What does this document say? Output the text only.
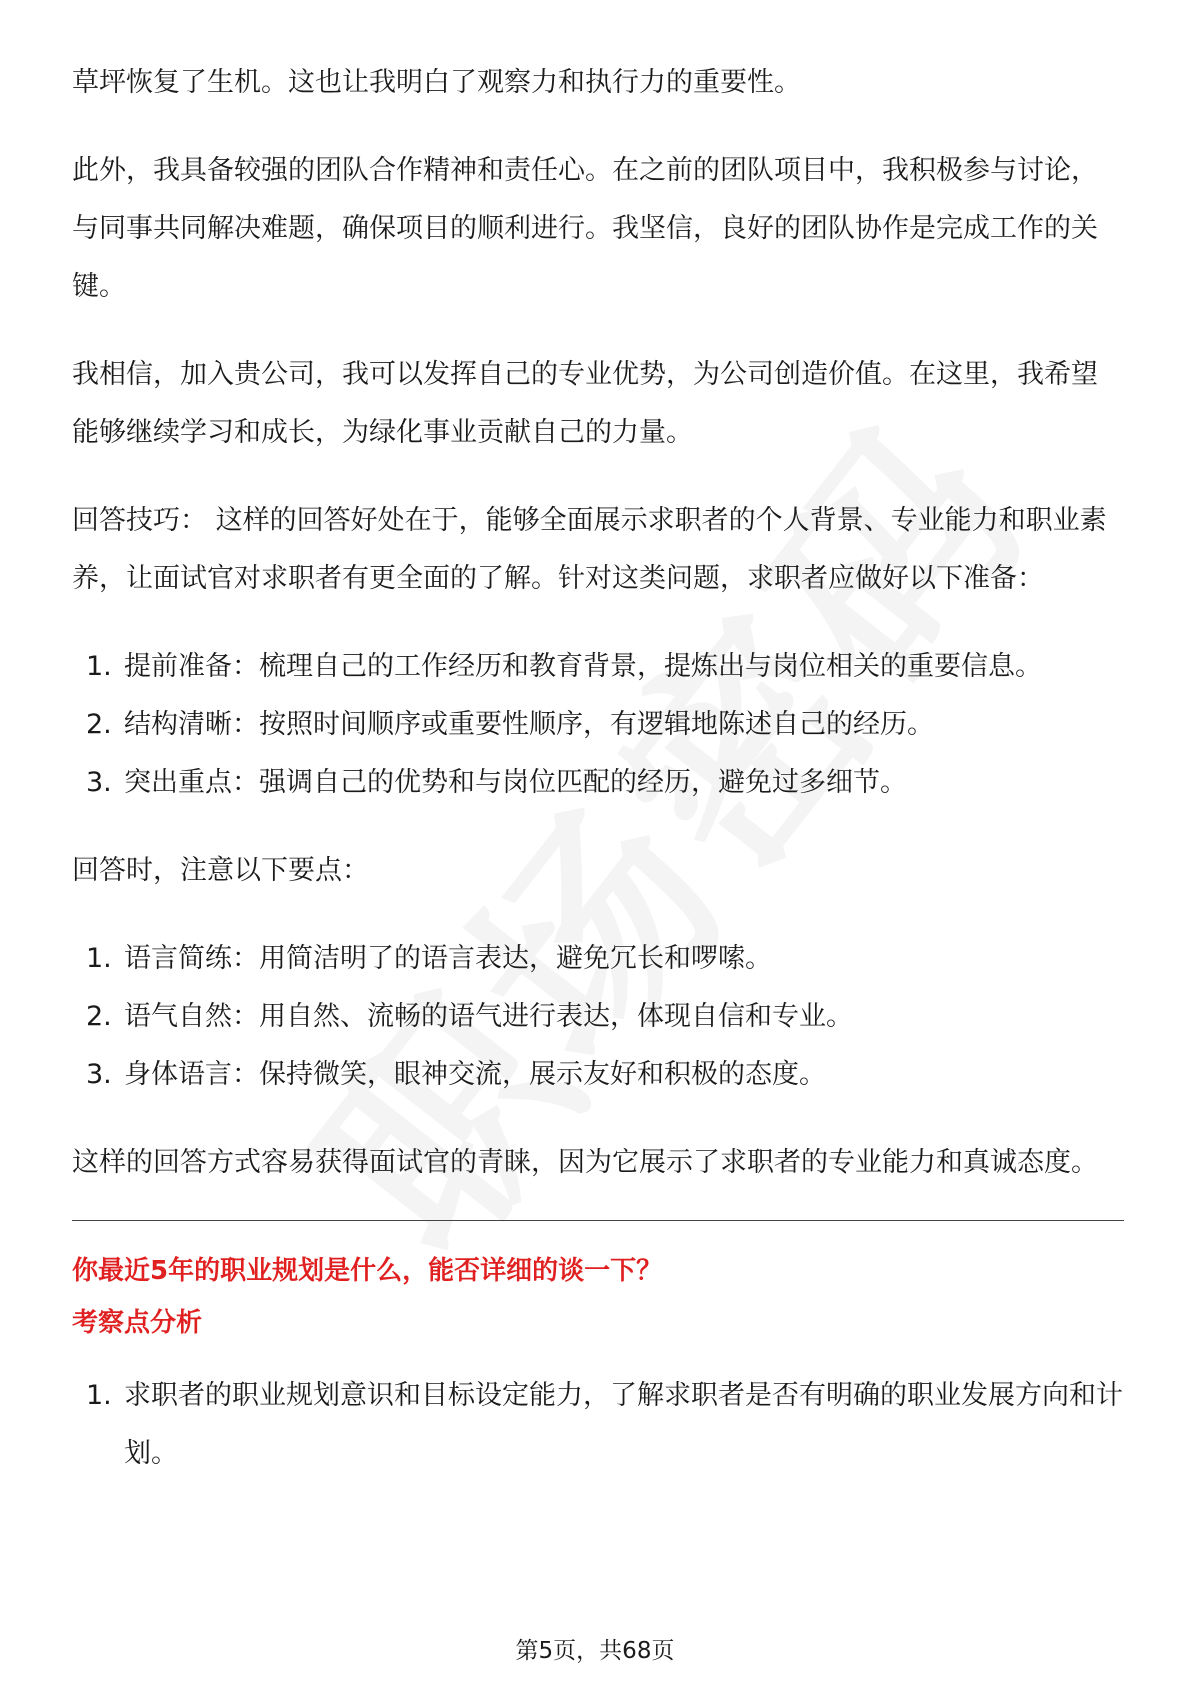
草坪恢复了生机。这也让我明白了观察力和执行力的重要性。

此外，我具备较强的团队合作精神和责任心。在之前的团队项目中，我积极参与讨论，与同事共同解决难题，确保项目的顺利进行。我坚信，良好的团队协作是完成工作的关键。

我相信，加入贵公司，我可以发挥自己的专业优势，为公司创造价值。在这里，我希望能够继续学习和成长，为绿化事业贡献自己的力量。

回答技巧： 这样的回答好处在于，能够全面展示求职者的个人背景、专业能力和职业素养，让面试官对求职者有更全面的了解。针对这类问题，求职者应做好以下准备：

1. 提前准备：梳理自己的工作经历和教育背景，提炼出与岗位相关的重要信息。
2. 结构清晰：按照时间顺序或重要性顺序，有逻辑地陈述自己的经历。
3. 突出重点：强调自己的优势和与岗位匹配的经历，避免过多细节。

回答时，注意以下要点：

1. 语言简练：用简洁明了的语言表达，避免冗长和啰嗦。
2. 语气自然：用自然、流畅的语气进行表达，体现自信和专业。
3. 身体语言：保持微笑，眼神交流，展示友好和积极的态度。

这样的回答方式容易获得面试官的青睐，因为它展示了求职者的专业能力和真诚态度。

你最近5年的职业规划是什么，能否详细的谈一下？
考察点分析
1. 求职者的职业规划意识和目标设定能力，了解求职者是否有明确的职业发展方向和计划。
第5页，共68页
